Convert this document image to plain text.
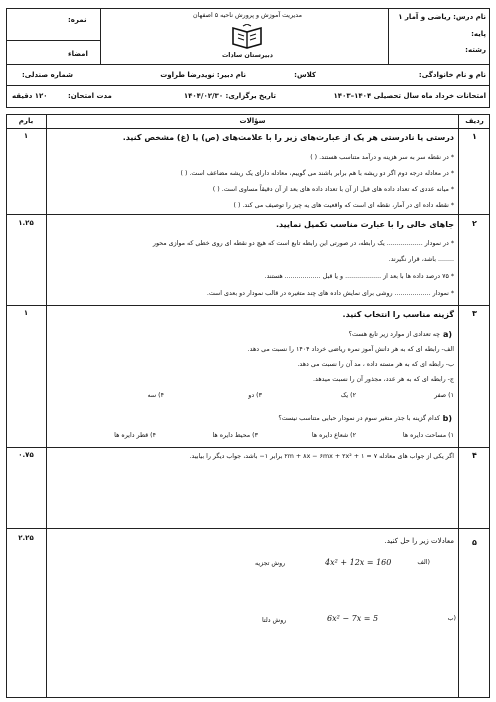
نام درس: ریاضی و آمار ۱
پایه:
رشته:
نمره:
امضاء
مدیریت آموزش و پرورش ناحیه ۵ اصفهان
دبیرستان سادات
نام و نام خانوادگی:
کلاس:
نام دبیر: نویدرضا طراوت
شماره صندلی:
امتحانات خرداد ماه سال تحصیلی ۱۴۰۴–۱۴۰۳
تاریخ برگزاری: ۱۴۰۴/۰۲/۳۰
مدت امتحان:
۱۲۰ دقیقه
ردیف
سؤالات
بارم
۱
۱	درستی یا نادرستی هر یک از عبارت‌های زیر را با علامت‌های (ص) یا (غ) مشخص کنید.
* در نقطه سر به سر هزینه و درآمد متناسب هستند. ( )
* در معادله درجه دوم اگر دو ریشه با هم برابر باشند می گوییم، معادله دارای یک ریشه مضاعف است. ( )
* میانه عددی که تعداد داده های قبل از آن با تعداد داده های بعد از آن دقیقاً مساوی است. ( )
* نقطه داده ای در آمار، نقطه ای است که واقعیت های یه چیز را توصیف می کند. ( )
۲
۱.۲۵	جاهای خالی را با عبارت مناسب تکمیل نمایید.
* در نمودار .................. یک رابطه، در صورتی این رابطه تابع است که هیچ دو نقطه ای روی خطی که موازی محور
........ باشد، قرار نگیرند.
* ۷۵ درصد داده ها با بعد از .................. و یا قبل .................. هستند.
* نمودار .................. روشی برای نمایش داده های چند متغیره در قالب نمودار دو بعدی است.
۳
۱	گزینه مناسب را انتخاب کنید.
a)
چه تعدادی از موارد زیر تابع هست؟
الف- رابطه ای که به هر دانش آموز نمره ریاضی خرداد ۱۴۰۴ را نسبت می دهد.
ب- رابطه ای که به هر مسته داده ، مد آن را نسبت می دهد.
ج- رابطه ای که به هر عدد، مجذور آن را نسبت میدهد.
۱) صفر
۲) یک
۳) دو
۴) سه
b)
کدام گزینه با جذر متغیر سوم در نمودار حبابی متناسب نیست؟
۱) مساحت دایره ها
۲) شعاع دایره ها
۳) محیط دایره ها
۴) قطر دایره ها
۴
۰.۷۵	اگر یکی از جواب های معادله ۷ = ۱ + ۲m + ۸x − ۶mx + ۲x² برابر ۱− باشد، جواب دیگر را بیابید.
۵
۲.۲۵	معادلات زیر را حل کنید.
(الف
4x² + 12x = 160
روش تجزیه
(ب
6x² − 7x = 5
روش دلتا
